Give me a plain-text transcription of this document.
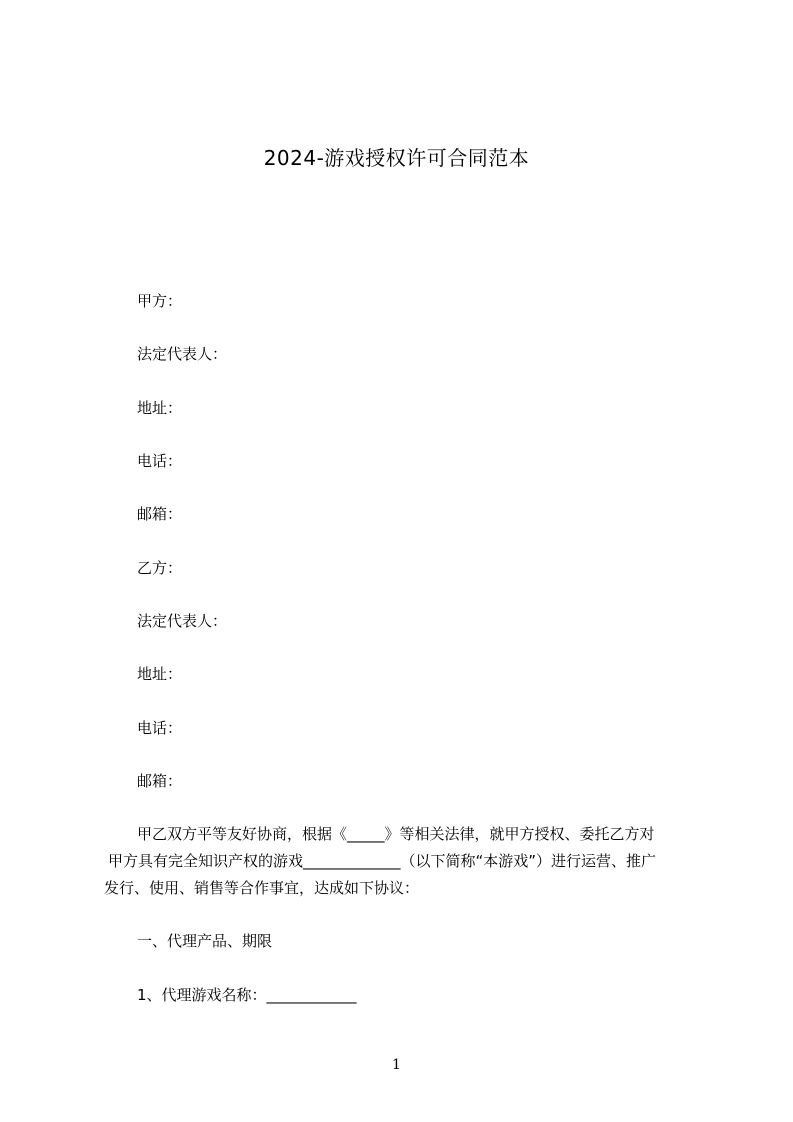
2024-游戏授权许可合同范本
甲方：
法定代表人：
地址：
电话：
邮箱：
乙方：
法定代表人：
地址：
电话：
邮箱：
甲乙双方平等友好协商，根据《_____》等相关法律，就甲方授权、委托乙方对
甲方具有完全知识产权的游戏_____________（以下简称“本游戏”）进行运营、推广
发行、使用、销售等合作事宜，达成如下协议：
一、代理产品、期限
1、代理游戏名称：____________
1
